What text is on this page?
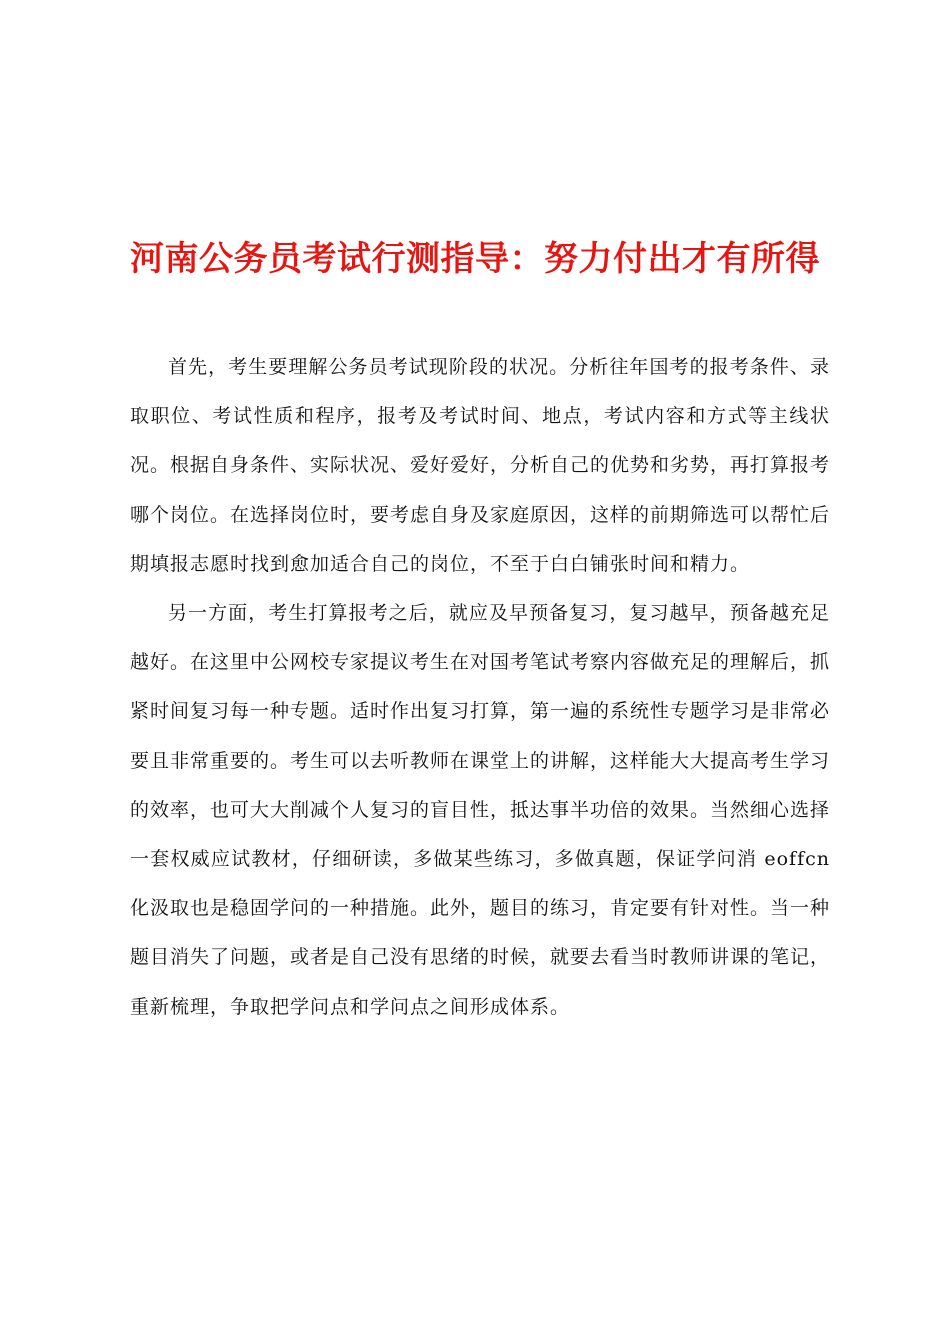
河南公务员考试行测指导：努力付出才有所得

首先，考生要理解公务员考试现阶段的状况。分析往年国考的报考条件、录取职位、考试性质和程序，报考及考试时间、地点，考试内容和方式等主线状况。根据自身条件、实际状况、爱好爱好，分析自己的优势和劣势，再打算报考哪个岗位。在选择岗位时，要考虑自身及家庭原因，这样的前期筛选可以帮忙后期填报志愿时找到愈加适合自己的岗位，不至于白白铺张时间和精力。

另一方面，考生打算报考之后，就应及早预备复习，复习越早，预备越充足越好。在这里中公网校专家提议考生在对国考笔试考察内容做充足的理解后，抓紧时间复习每一种专题。适时作出复习打算，第一遍的系统性专题学习是非常必要且非常重要的。考生可以去听教师在课堂上的讲解，这样能大大提高考生学习的效率，也可大大削减个人复习的盲目性，抵达事半功倍的效果。当然细心选择一套权威应试教材，仔细研读，多做某些练习，多做真题，保证学问消 eoffcn 化汲取也是稳固学问的一种措施。此外，题目的练习，肯定要有针对性。当一种题目消失了问题，或者是自己没有思绪的时候，就要去看当时教师讲课的笔记，重新梳理，争取把学问点和学问点之间形成体系。
